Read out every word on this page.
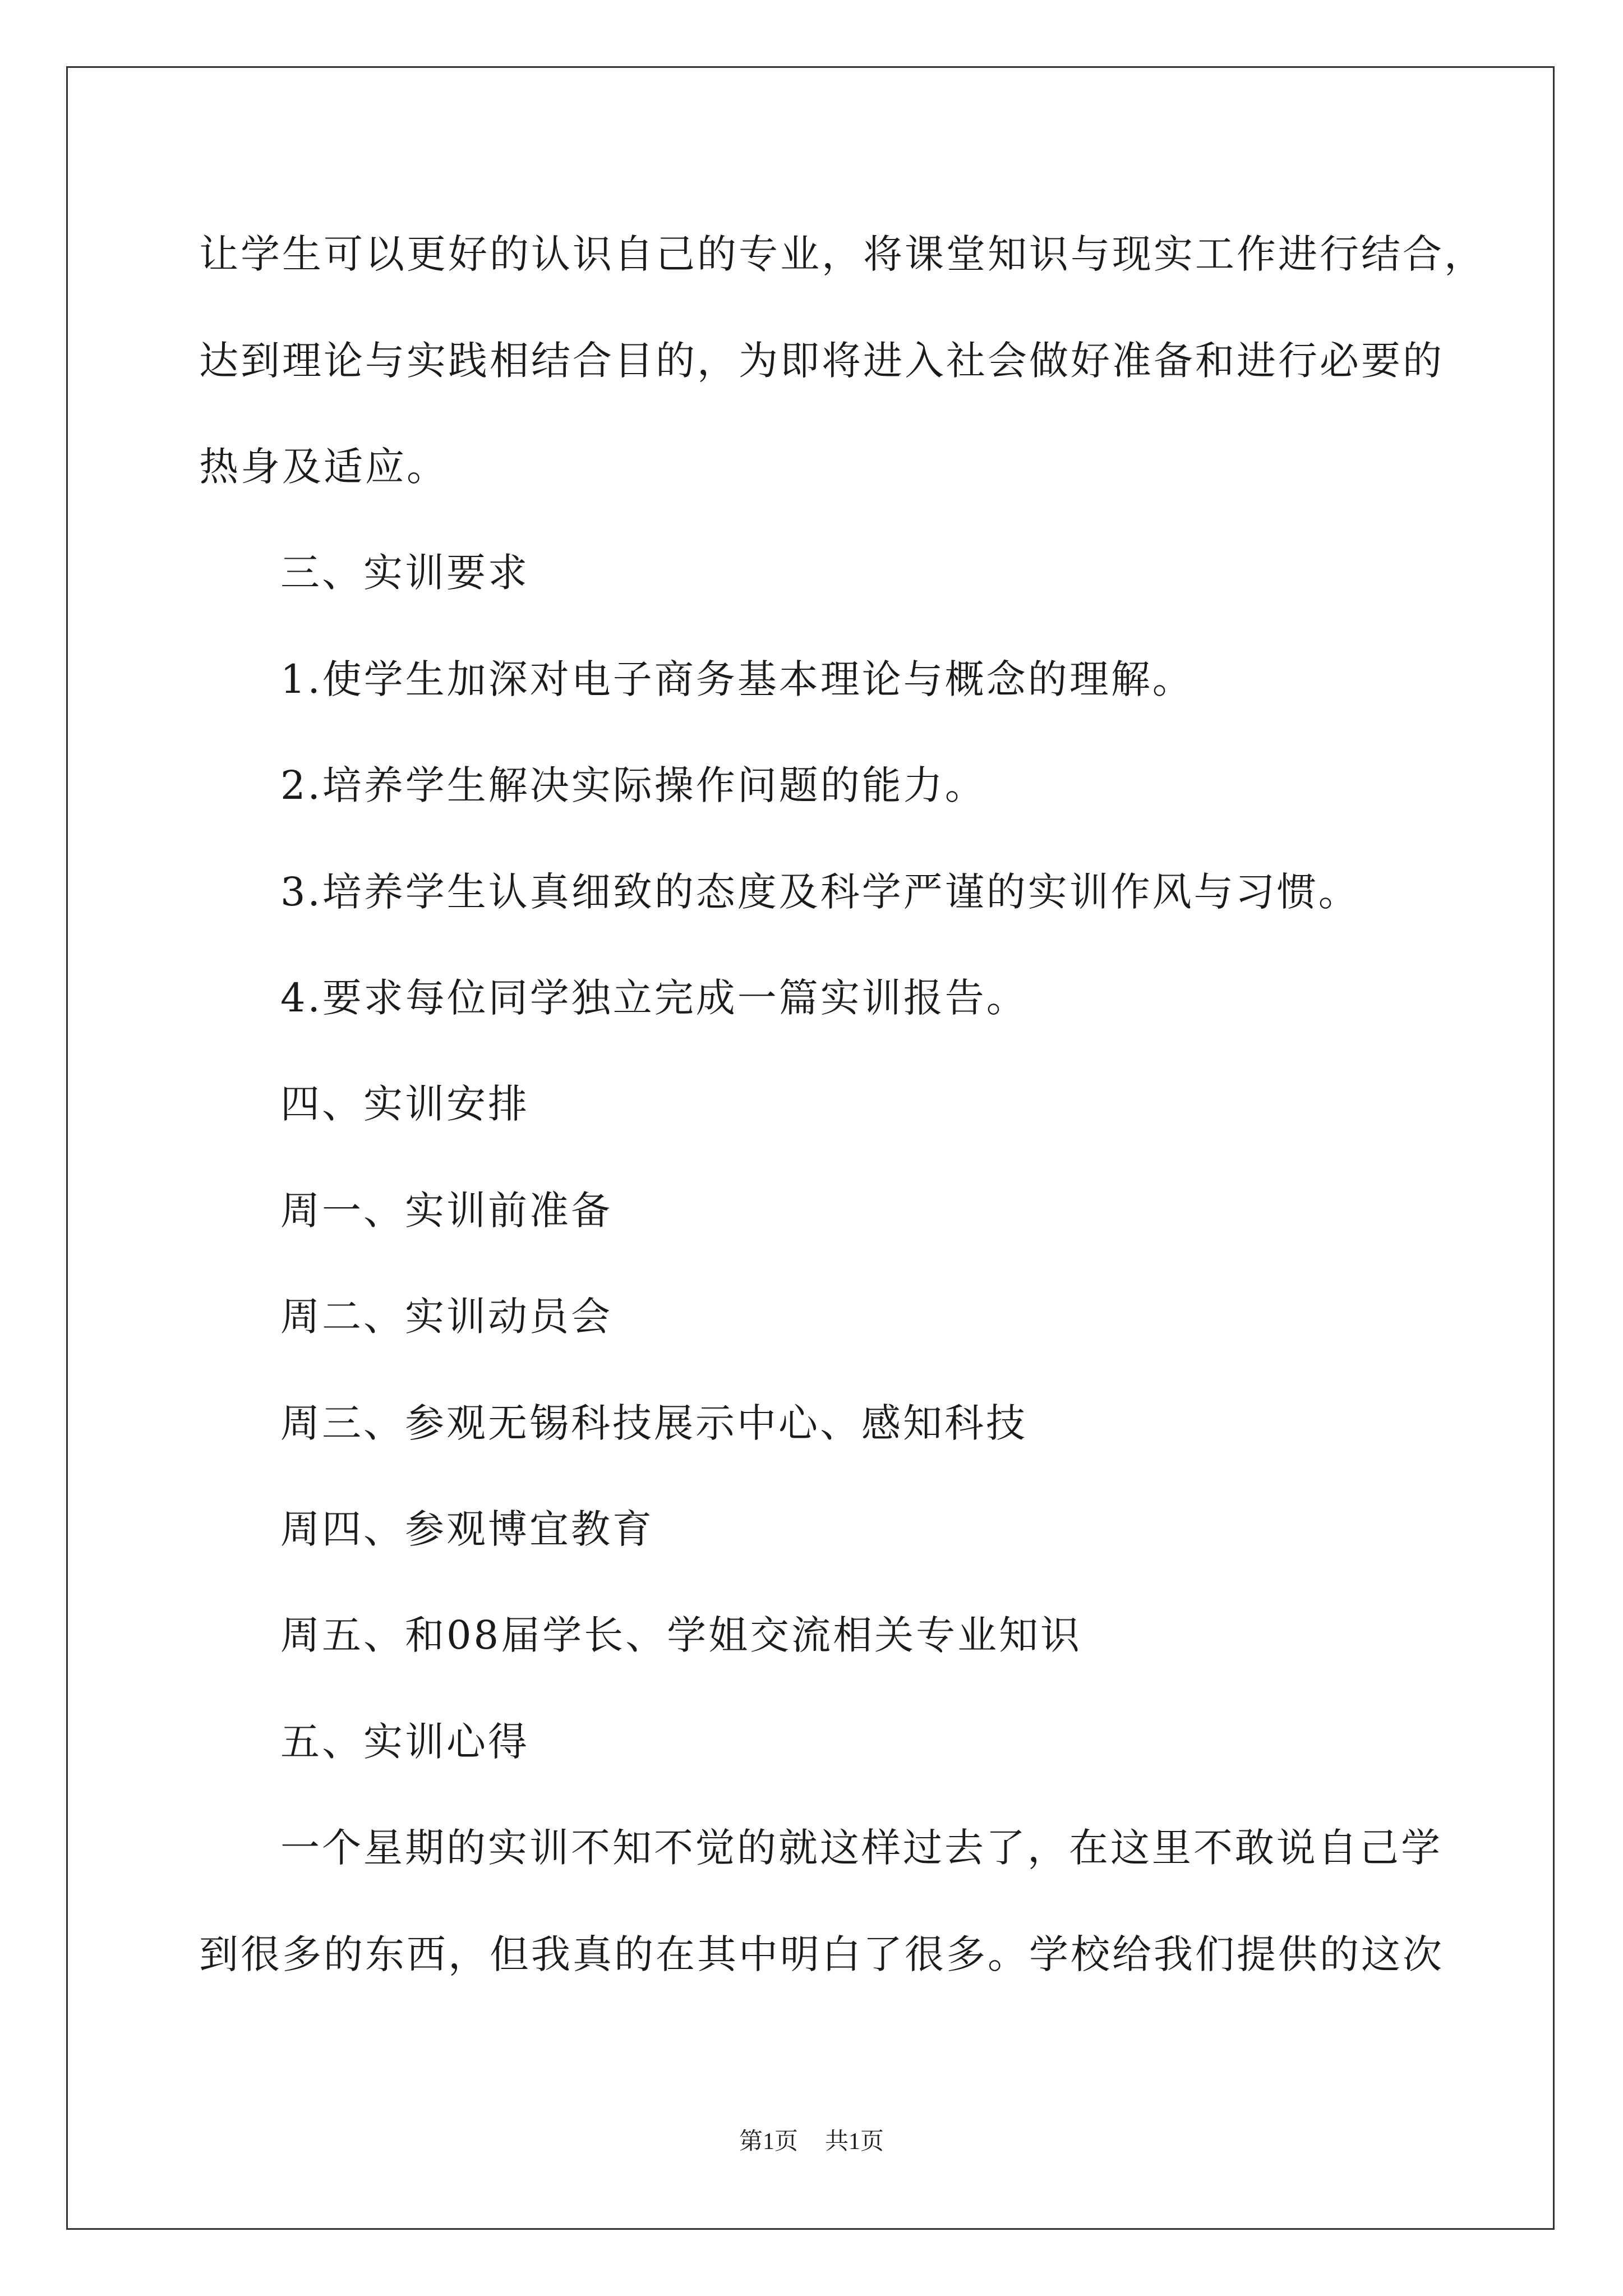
让学生可以更好的认识自己的专业，将课堂知识与现实工作进行结合，
达到理论与实践相结合目的，为即将进入社会做好准备和进行必要的
热身及适应。
三、实训要求
1.使学生加深对电子商务基本理论与概念的理解。
2.培养学生解决实际操作问题的能力。
3.培养学生认真细致的态度及科学严谨的实训作风与习惯。
4.要求每位同学独立完成一篇实训报告。
四、实训安排
周一、实训前准备
周二、实训动员会
周三、参观无锡科技展示中心、感知科技
周四、参观博宜教育
周五、和08届学长、学姐交流相关专业知识
五、实训心得
一个星期的实训不知不觉的就这样过去了，在这里不敢说自己学
到很多的东西，但我真的在其中明白了很多。学校给我们提供的这次
第1页 共1页
